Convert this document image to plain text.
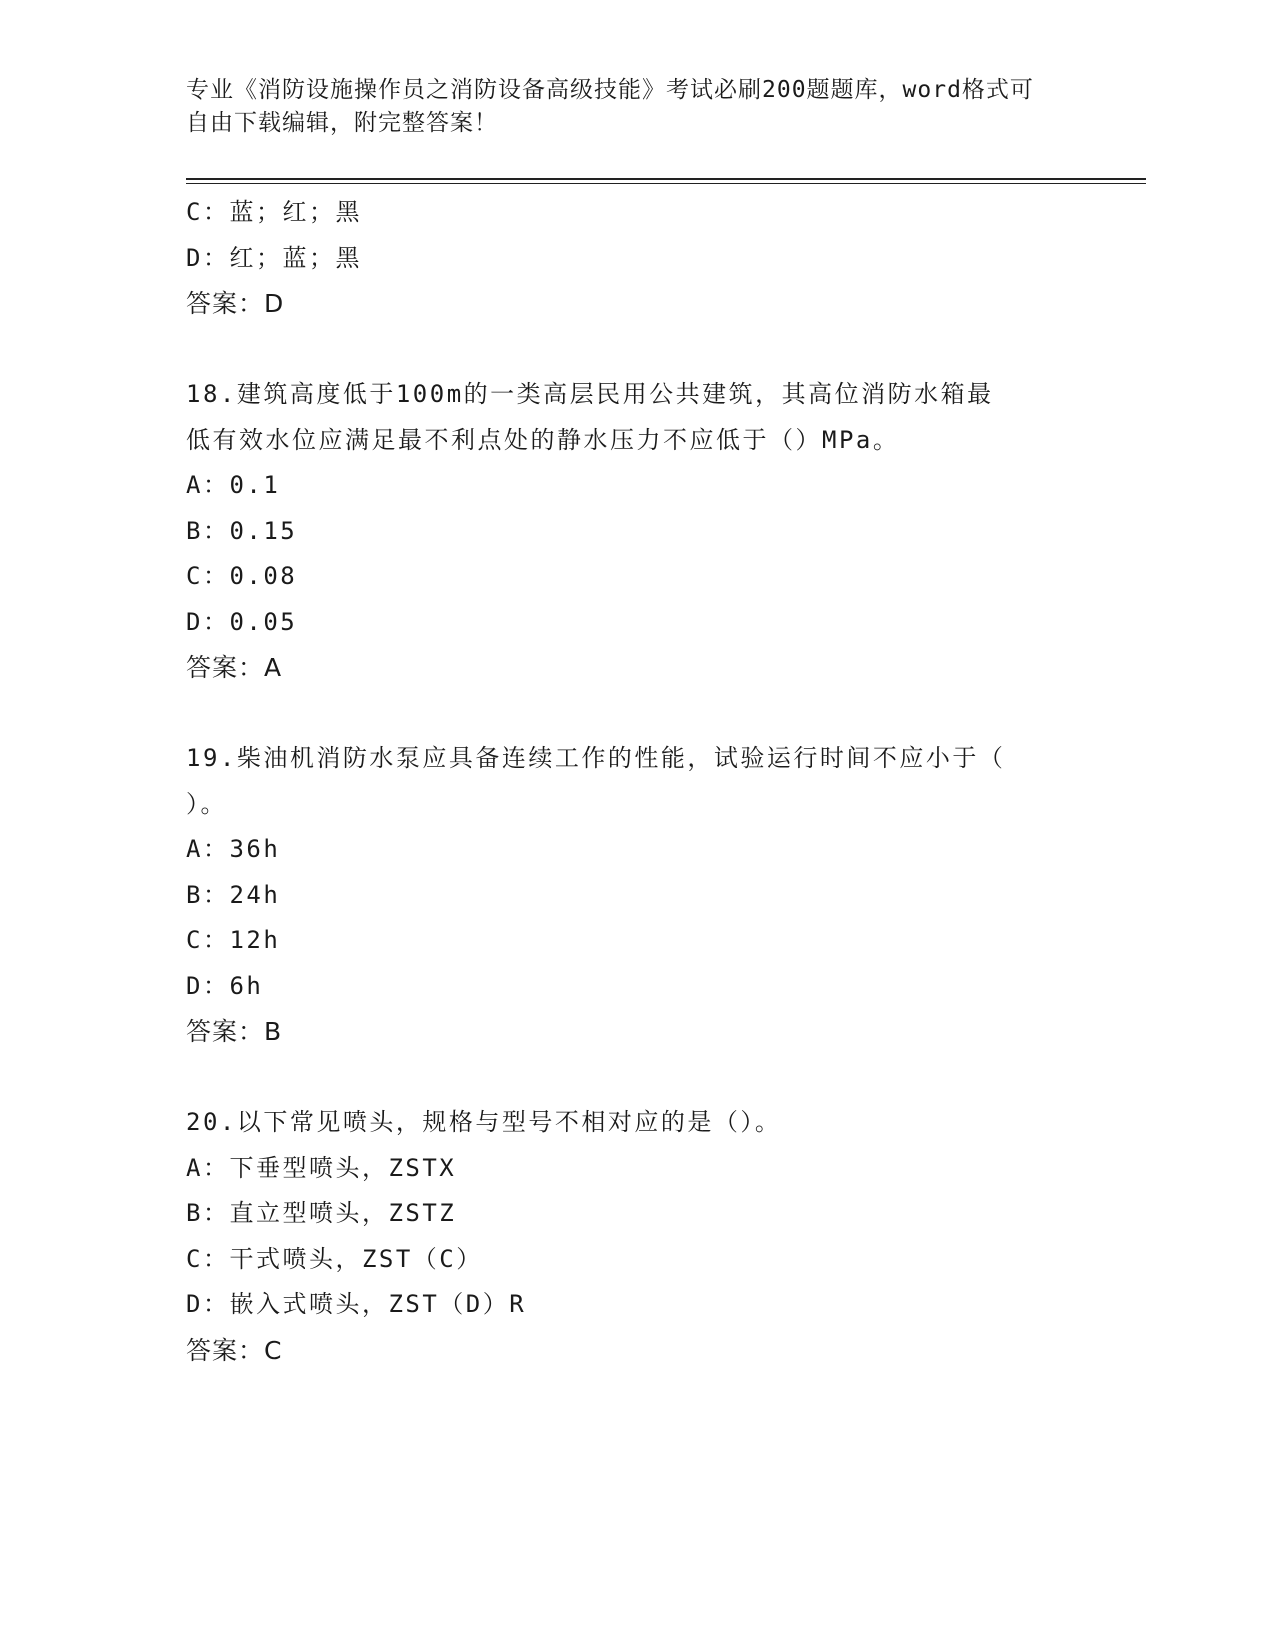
专业《消防设施操作员之消防设备高级技能》考试必刷200题题库，word格式可
自由下载编辑，附完整答案！
C：蓝；红；黑
D：红；蓝；黑
答案：D
18.建筑高度低于100m的一类高层民用公共建筑，其高位消防水箱最
低有效水位应满足最不利点处的静水压力不应低于（）MPa。
A：0.1
B：0.15
C：0.08
D：0.05
答案：A
19.柴油机消防水泵应具备连续工作的性能，试验运行时间不应小于（
）。
A：36h
B：24h
C：12h
D：6h
答案：B
20.以下常见喷头，规格与型号不相对应的是（）。
A：下垂型喷头，ZSTX
B：直立型喷头，ZSTZ
C：干式喷头，ZST（C）
D：嵌入式喷头，ZST（D）R
答案：C
